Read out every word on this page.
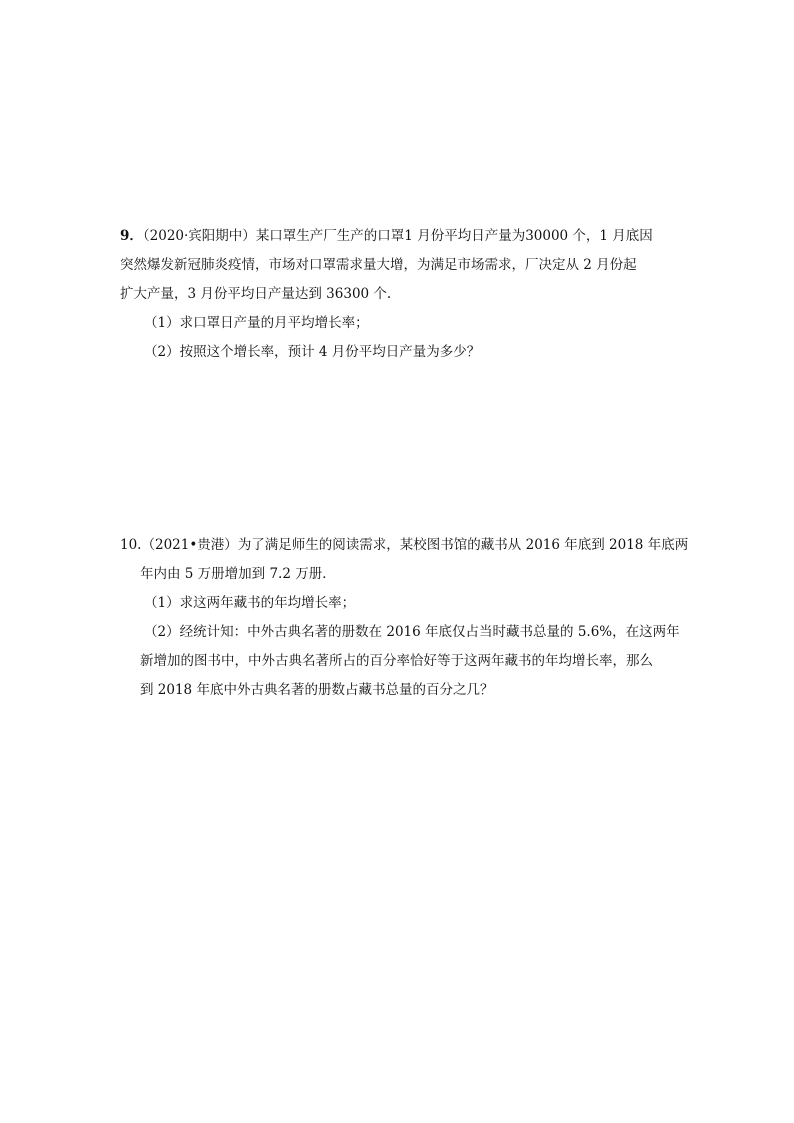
9．（2020·宾阳期中）某口罩生产厂生产的口罩1 月份平均日产量为30000 个，1 月底因
突然爆发新冠肺炎疫情，市场对口罩需求量大增，为满足市场需求，厂决定从 2 月份起
扩大产量，3 月份平均日产量达到 36300 个.
（1）求口罩日产量的月平均增长率；
（2）按照这个增长率，预计 4 月份平均日产量为多少？
10.（2021•贵港）为了满足师生的阅读需求，某校图书馆的藏书从 2016 年底到 2018 年底两
年内由 5 万册增加到 7.2 万册．
（1）求这两年藏书的年均增长率；
（2）经统计知：中外古典名著的册数在 2016 年底仅占当时藏书总量的 5.6%，在这两年
新增加的图书中，中外古典名著所占的百分率恰好等于这两年藏书的年均增长率，那么
到 2018 年底中外古典名著的册数占藏书总量的百分之几？
